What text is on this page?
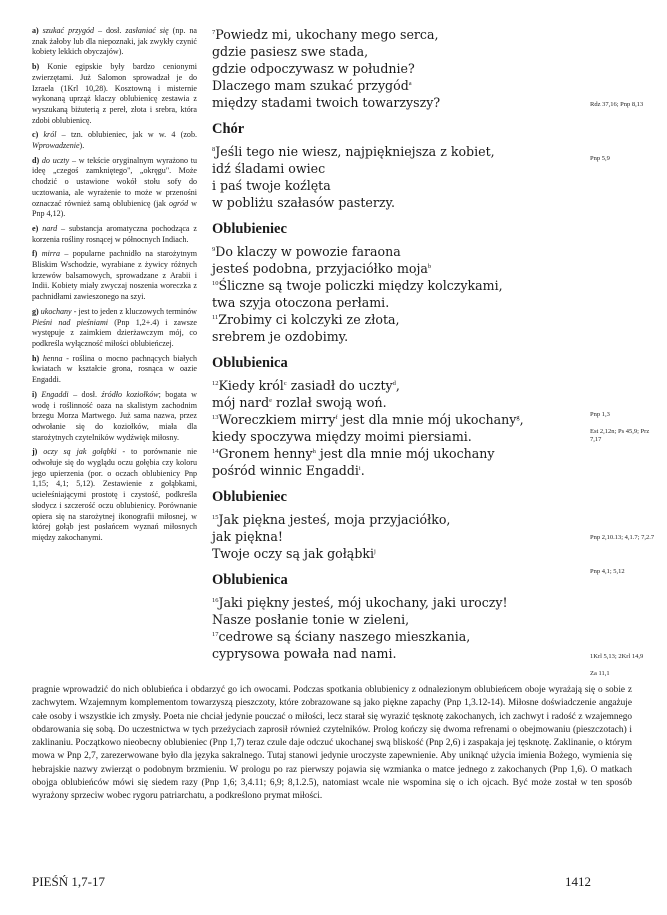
a) szukać przygód – dosł. zasłaniać się (np. na znak żałoby lub dla niepoznaki, jak zwykły czynić kobiety lekkich obyczajów).
b) Konie egipskie były bardzo cenionymi zwierzętami. Już Salomon sprowadzał je do Izraela (1Krl 10,28). Kosztowną i misternie wykonaną uprząż klaczy oblubienicę zestawia z wyszukaną biżuterią z pereł, złota i srebra, która zdobi oblubienicę.
c) król – tzn. oblubieniec, jak w w. 4 (zob. Wprowadzenie).
d) do uczty – w tekście oryginalnym wyrażono tu ideę „czegoś zamkniętego", „okręgu". Może chodzić o ustawione wokół stołu sofy do ucztowania, ale wyrażenie to może w przenośni oznaczać również samą oblubienicę (jak ogród w Pnp 4,12).
e) nard – substancja aromatyczna pochodząca z korzenia rośliny rosnącej w północnych Indiach.
f) mirra – popularne pachnidło na starożytnym Bliskim Wschodzie, wyrabiane z żywicy różnych krzewów balsamowych, sprowadzane z Arabii i Indii. Kobiety miały zwyczaj noszenia woreczka z pachnidłami zawieszonego na szyi.
g) ukochany - jest to jeden z kluczowych terminów Pieśni nad pieśniami (Pnp 1,2+.4) i zawsze występuje z zaimkiem dzierżawczym mój, co podkreśla wyłączność miłości oblubieńczej.
h) henna - roślina o mocno pachnących białych kwiatach w kształcie grona, rosnąca w oazie Engaddi.
i) Engaddi – dosł. źródło koziołków; bogata w wodę i roślinność oaza na skalistym zachodnim brzegu Morza Martwego. Już sama nazwa, przez odwołanie się do koziołków, miała dla starożytnych czytelników wydźwięk miłosny.
j) oczy są jak gołąbki - to porównanie nie odwołuje się do wyglądu oczu gołębia czy koloru jego upierzenia (por. o oczach oblubienicy Pnp 1,15; 4,1; 5,12). Zestawienie z gołąbkami, uciełeśniającymi prostotę i czystość, podkreśla słodycz i szczerość oczu oblubienicy. Porównanie opiera się na starożytnej ikonografii miłosnej, w której gołąb jest posłańcem wyznań miłosnych między zakochanymi.
$^7$Powiedz mi, ukochany mego serca,
gdzie pasiesz swe stada,
gdzie odpoczywasz w południe?
Dlaczego mam szukać przygód$^a$
między stadami twoich towarzyszy?
Chór
$^8$Jeśli tego nie wiesz, najpiękniejsza z kobiet,
idź śladami owiec
i paś twoje koźlęta
w pobliżu szałasów pasterzy.
Oblubieniec
$^9$Do klaczy w powozie faraona
jesteś podobna, przyjaciółko moja$^b$
$^{10}$Śliczne są twoje policzki między kolczykami,
twa szyja otoczona perłami.
$^{11}$Zrobimy ci kolczyki ze złota,
srebrem je ozdobimy.
Oblubienica
$^{12}$Kiedy król$^c$ zasiadł do uczty$^d$,
mój nard$^e$ rozlał swoją woń.
$^{13}$Woreczkiem mirry$^f$ jest dla mnie mój ukochany$^g$,
kiedy spoczywa między moimi piersiami.
$^{14}$Gronem henny$^h$ jest dla mnie mój ukochany
pośród winnic Engaddi$^i$.
Oblubieniec
$^{15}$Jak piękna jesteś, moja przyjaciółko,
jak piękna!
Twoje oczy są jak gołąbki$^j$
Oblubienica
$^{16}$Jaki piękny jesteś, mój ukochany, jaki uroczy!
Nasze posłanie tonie w zieleni,
$^{17}$cedrowe są ściany naszego mieszkania,
cyprysowa powała nad nami.
Rdz 37,16; Pnp 8,13
Pnp 5,9
Pnp 1,3
Est 2,12n; Ps 45,9; Prz 7,17
Pnp 2,10.13; 4,1.7; 7,2.7
Pnp 4,1; 5,12
1Krl 5,13; 2Krl 14,9
Za 11,1
pragnie wprowadzić do nich oblubieńca i obdarzyć go ich owocami. Podczas spotkania oblubienicy z odnalezionym oblubieńcem oboje wyrażają się o sobie z zachwytem. Wzajemnym komplementom towarzyszą pieszczoty, które zobrazowane są jako piękne zapachy (Pnp 1,3.12-14). Miłosne doświadczenie angażuje całe osoby i wszystkie ich zmysły. Poeta nie chciał jedynie pouczać o miłości, lecz starał się wyrazić tęsknotę zakochanych, ich zachwyt i radość z wzajemnego obdarowania się sobą. Do uczestnictwa w tych przeżyciach zaprosił również czytelników. Prolog kończy się dwoma refrenami o obejmowaniu (pieszczotach) i zaklinaniu. Początkowo nieobecny oblubieniec (Pnp 1,7) teraz czule daje odczuć ukochanej swą bliskość (Pnp 2,6) i zaspakaja jej tęsknotę. Zaklinanie, o którym mowa w Pnp 2,7, zarezerwowane było dla języka sakralnego. Tutaj stanowi jedynie uroczyste zapewnienie. Aby uniknąć użycia imienia Bożego, wymienia się hebrajskie nazwy zwierząt o podobnym brzmieniu. W prologu po raz pierwszy pojawia się wzmianka o matce jednego z zakochanych (Pnp 1,6). O matkach obojga oblubieńców mówi się siedem razy (Pnp 1,6; 3,4.11; 6,9; 8,1.2.5), natomiast wcale nie wspomina się o ich ojcach. Być może został w ten sposób wyrażony sprzeciw wobec rygoru patriarchatu, a podkreślono prymat miłości.
PIEŚŃ 1,7-17	1412
